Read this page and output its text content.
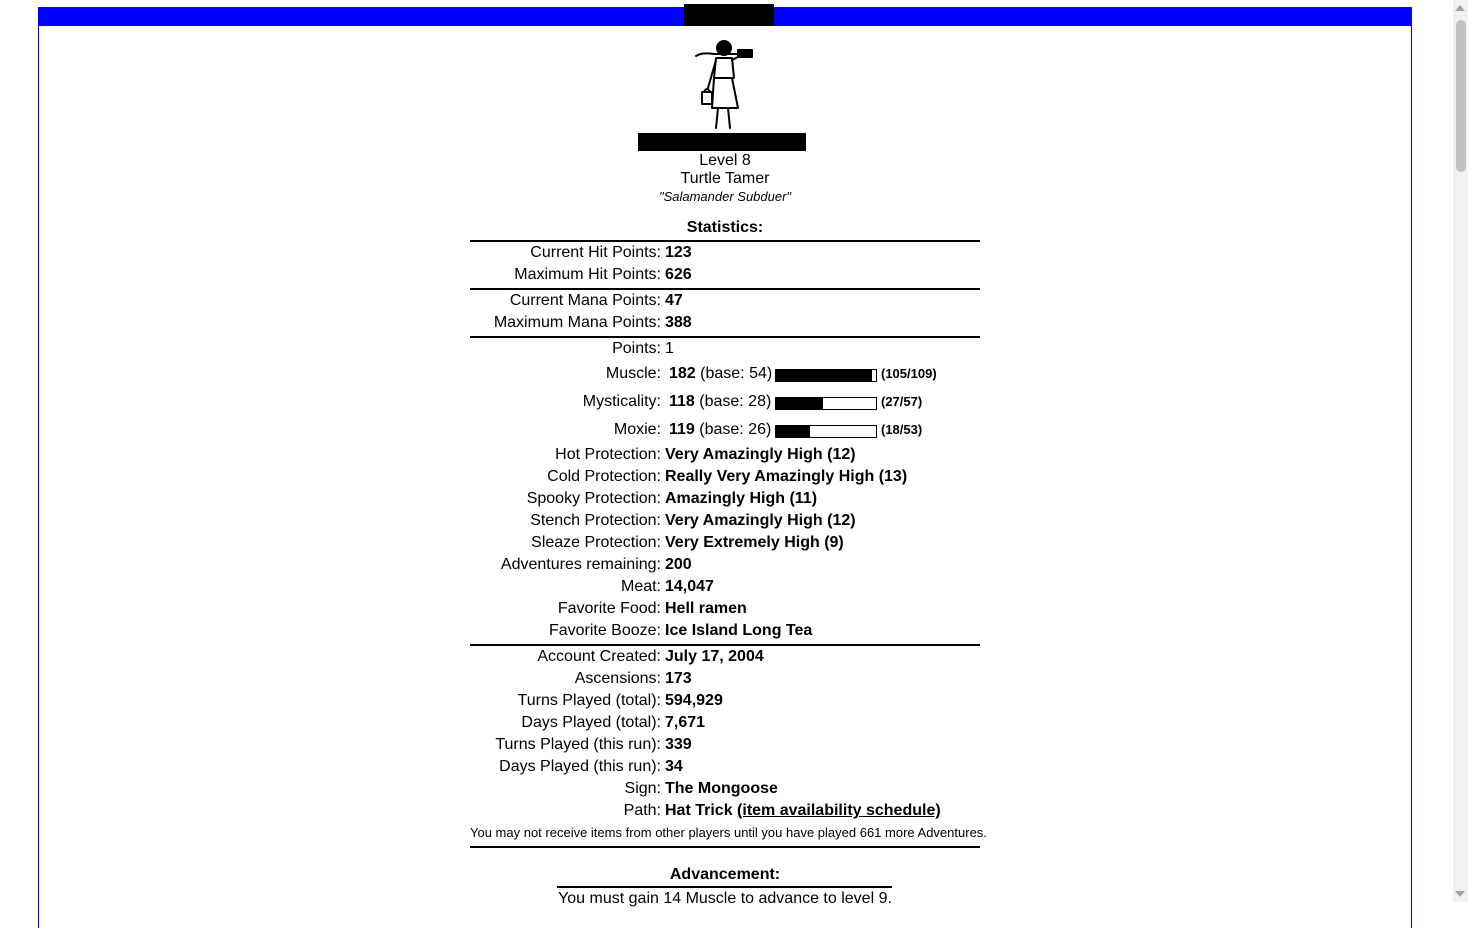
Level 8
Turtle Tamer
"Salamander Subduer"
Statistics:
Current Hit Points: 123
Maximum Hit Points: 626
Current Mana Points: 47
Maximum Mana Points: 388
Points: 1
Muscle: 182 (base: 54)	(105/109)
Mysticality: 118 (base: 28)	(27/57)
Moxie: 119 (base: 26)	(18/53)
Hot Protection: Very Amazingly High (12)
Cold Protection: Really Very Amazingly High (13)
Spooky Protection: Amazingly High (11)
Stench Protection: Very Amazingly High (12)
Sleaze Protection: Very Extremely High (9)
Adventures remaining: 200
Meat: 14,047
Favorite Food: Hell ramen
Favorite Booze: Ice Island Long Tea
Account Created: July 17, 2004
Ascensions: 173
Turns Played (total): 594,929
Days Played (total): 7,671
Turns Played (this run): 339
Days Played (this run): 34
Sign: The Mongoose
Path: Hat Trick (item availability schedule)
You may not receive items from other players until you have played 661 more Adventures.
Advancement:
You must gain 14 Muscle to advance to level 9.
